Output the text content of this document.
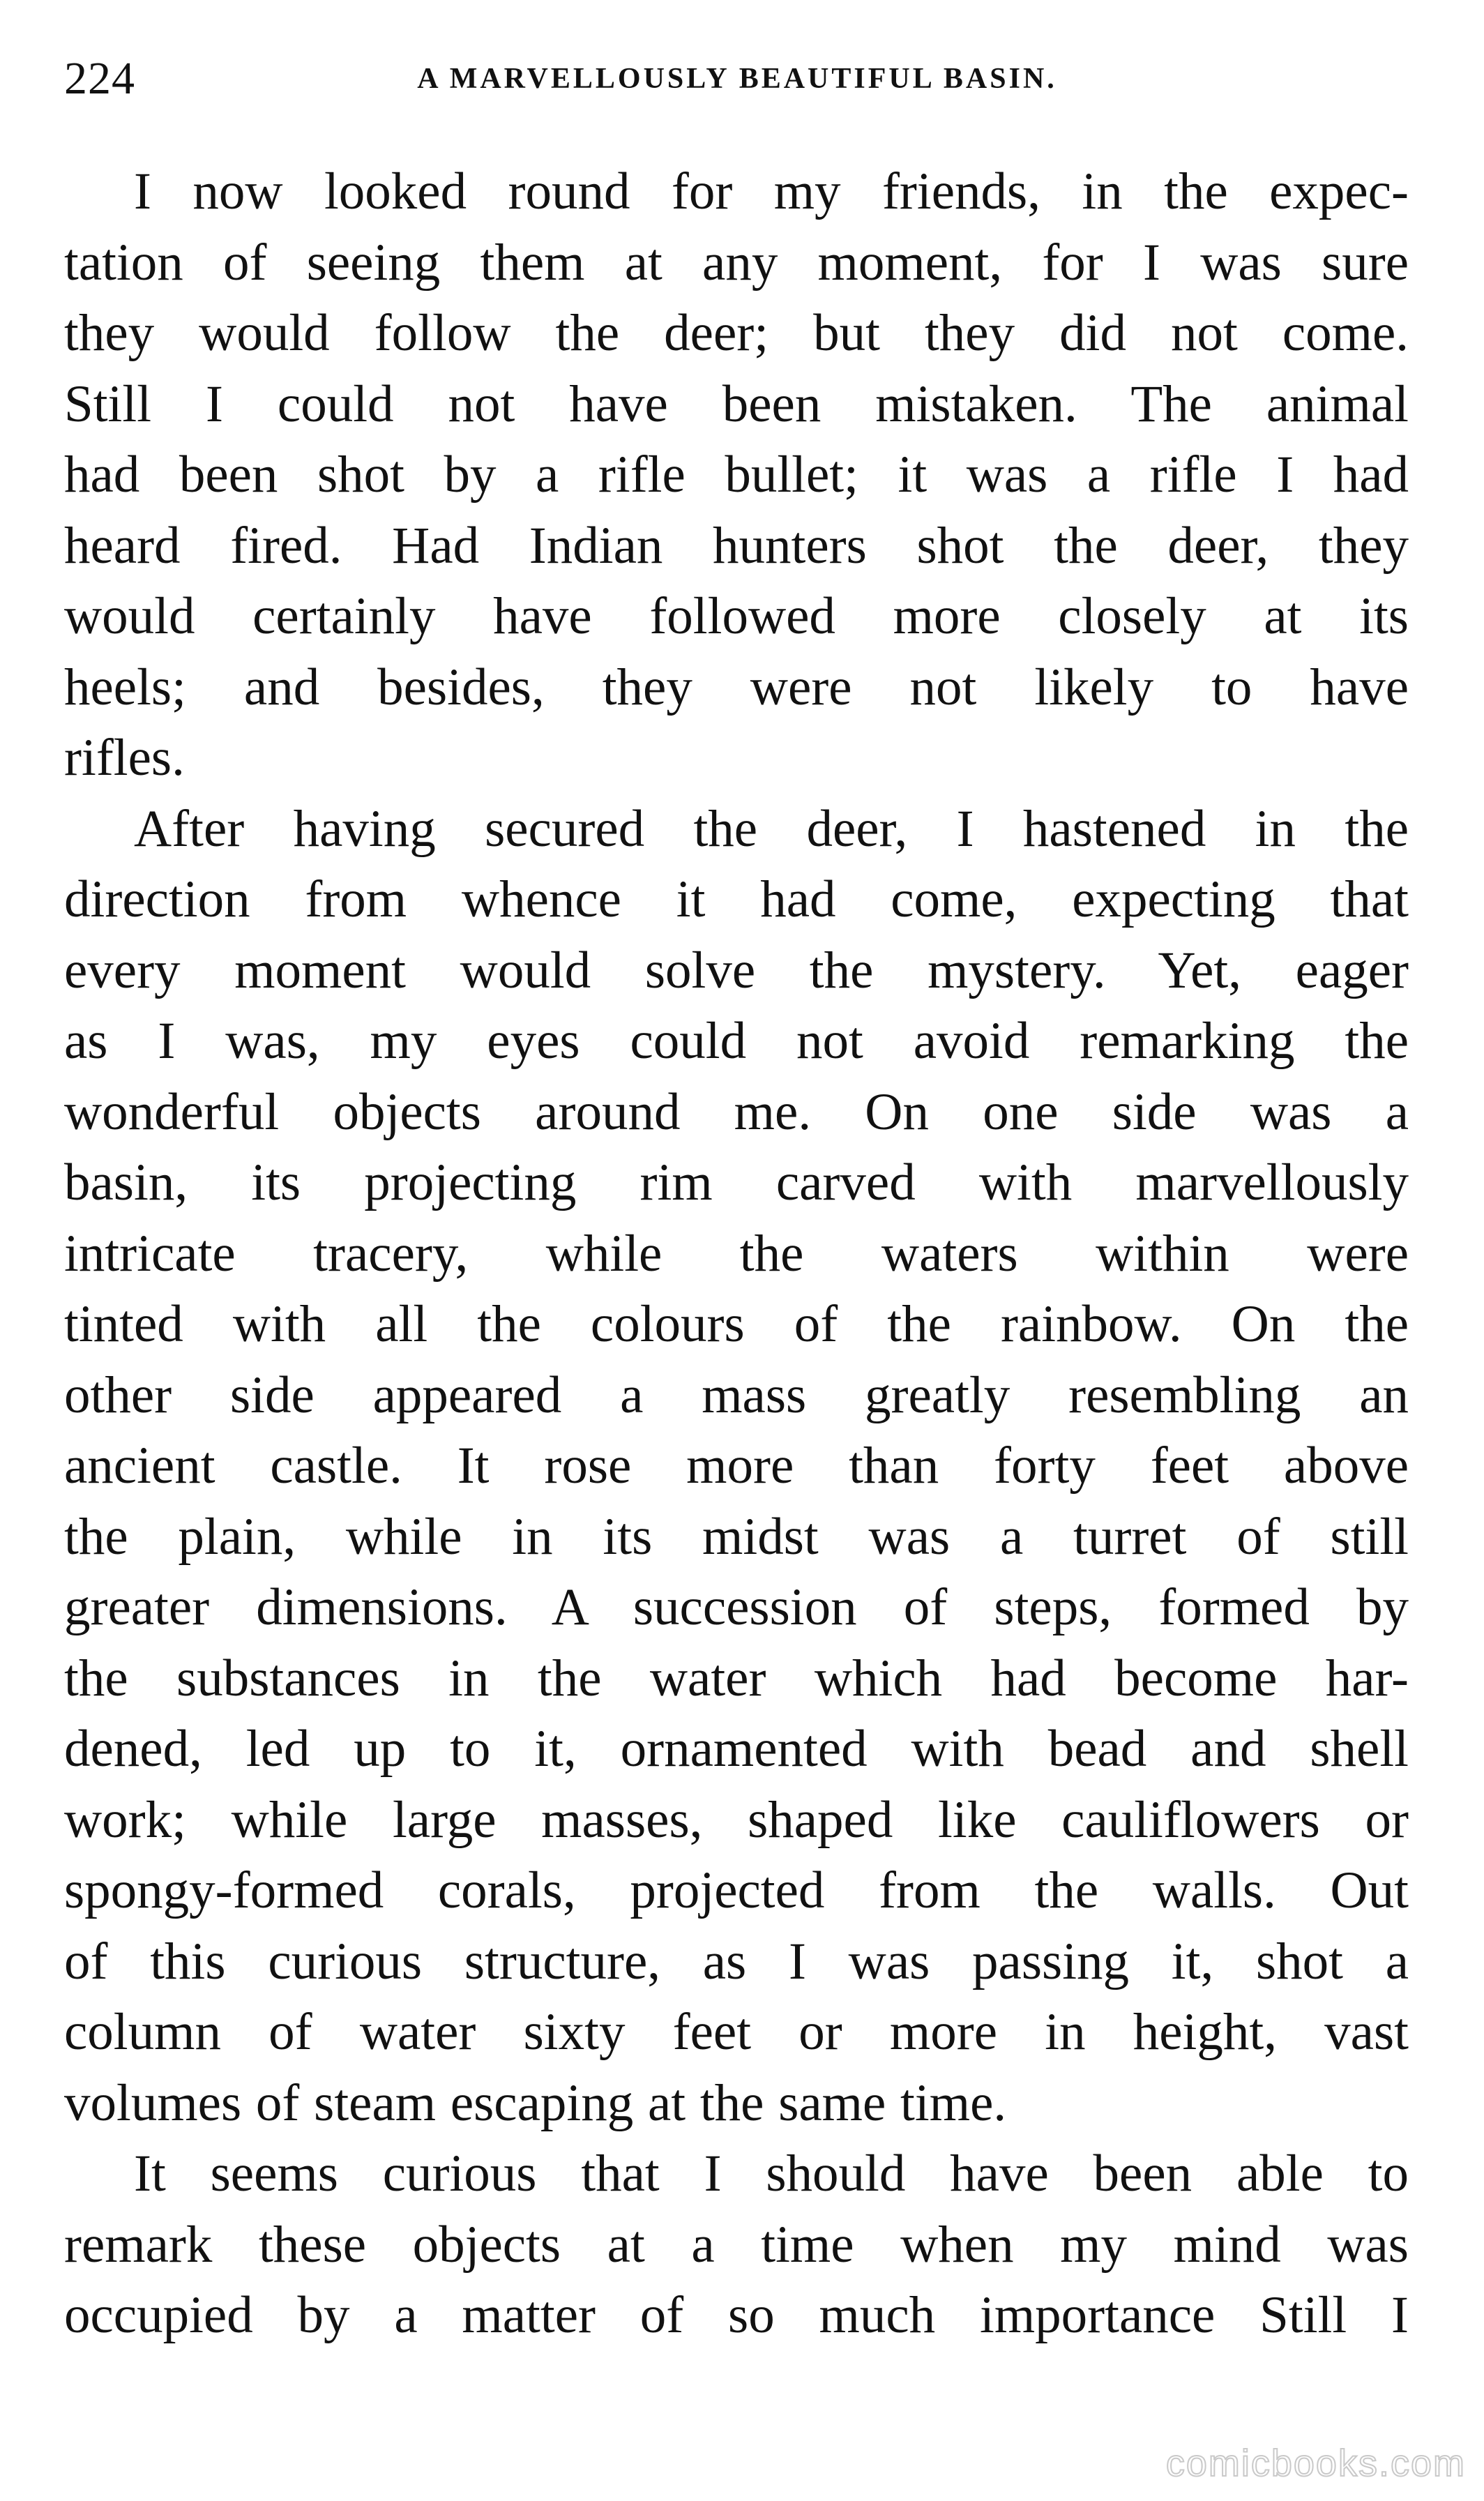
224	A MARVELLOUSLY BEAUTIFUL BASIN.

I now looked round for my friends, in the expec-
tation of seeing them at any moment, for I was sure
they would follow the deer; but they did not come.
Still I could not have been mistaken. The animal
had been shot by a rifle bullet; it was a rifle I had
heard fired. Had Indian hunters shot the deer, they
would certainly have followed more closely at its
heels; and besides, they were not likely to have
rifles.

After having secured the deer, I hastened in the
direction from whence it had come, expecting that
every moment would solve the mystery. Yet, eager
as I was, my eyes could not avoid remarking the
wonderful objects around me. On one side was a
basin, its projecting rim carved with marvellously
intricate tracery, while the waters within were
tinted with all the colours of the rainbow. On the
other side appeared a mass greatly resembling an
ancient castle. It rose more than forty feet above
the plain, while in its midst was a turret of still
greater dimensions. A succession of steps, formed by
the substances in the water which had become har-
dened, led up to it, ornamented with bead and shell
work; while large masses, shaped like cauliflowers or
spongy-formed corals, projected from the walls. Out
of this curious structure, as I was passing it, shot a
column of water sixty feet or more in height, vast
volumes of steam escaping at the same time.

It seems curious that I should have been able to
remark these objects at a time when my mind was
occupied by a matter of so much importance Still I

comicbooks.com
